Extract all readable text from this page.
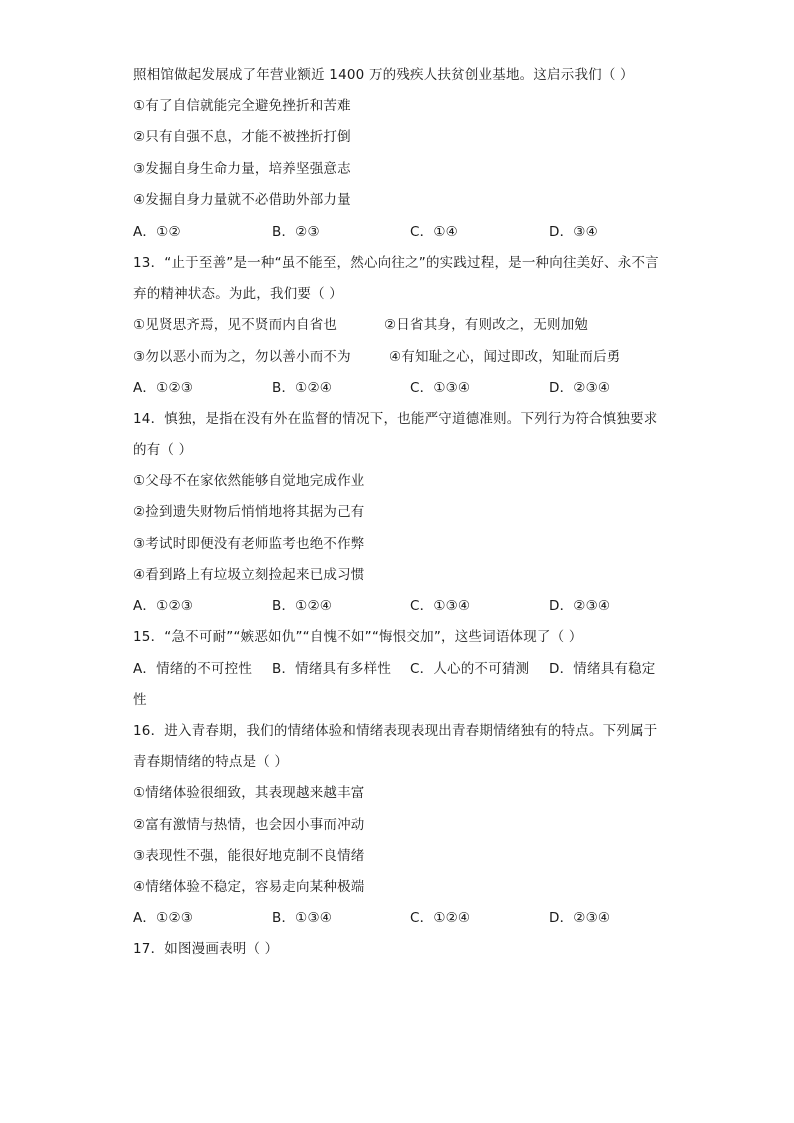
照相馆做起发展成了年营业额近 1400 万的残疾人扶贫创业基地。这启示我们（ ）
①有了自信就能完全避免挫折和苦难
②只有自强不息，才能不被挫折打倒
③发掘自身生命力量，培养坚强意志
④发掘自身力量就不必借助外部力量
A．①②	B．②③	C．①④	D．③④
13．“止于至善”是一种“虽不能至，然心向往之”的实践过程，是一种向往美好、永不言
弃的精神状态。为此，我们要（ ）
①见贤思齐焉，见不贤而内自省也	②日省其身，有则改之，无则加勉
③勿以恶小而为之，勿以善小而不为	④有知耻之心，闻过即改，知耻而后勇
A．①②③	B．①②④	C．①③④	D．②③④
14．慎独，是指在没有外在监督的情况下，也能严守道德准则。下列行为符合慎独要求
的有（ ）
①父母不在家依然能够自觉地完成作业
②捡到遗失财物后悄悄地将其据为己有
③考试时即便没有老师监考也绝不作弊
④看到路上有垃圾立刻捡起来已成习惯
A．①②③	B．①②④	C．①③④	D．②③④
15．“急不可耐”“嫉恶如仇”“自愧不如”“悔恨交加”，这些词语体现了（ ）
A．情绪的不可控性 B．情绪具有多样性 C．人心的不可猜测 D．情绪具有稳定
性
16．进入青春期，我们的情绪体验和情绪表现表现出青春期情绪独有的特点。下列属于
青春期情绪的特点是（ ）
①情绪体验很细致，其表现越来越丰富
②富有激情与热情，也会因小事而冲动
③表现性不强，能很好地克制不良情绪
④情绪体验不稳定，容易走向某种极端
A．①②③	B．①③④	C．①②④	D．②③④
17．如图漫画表明（ ）
